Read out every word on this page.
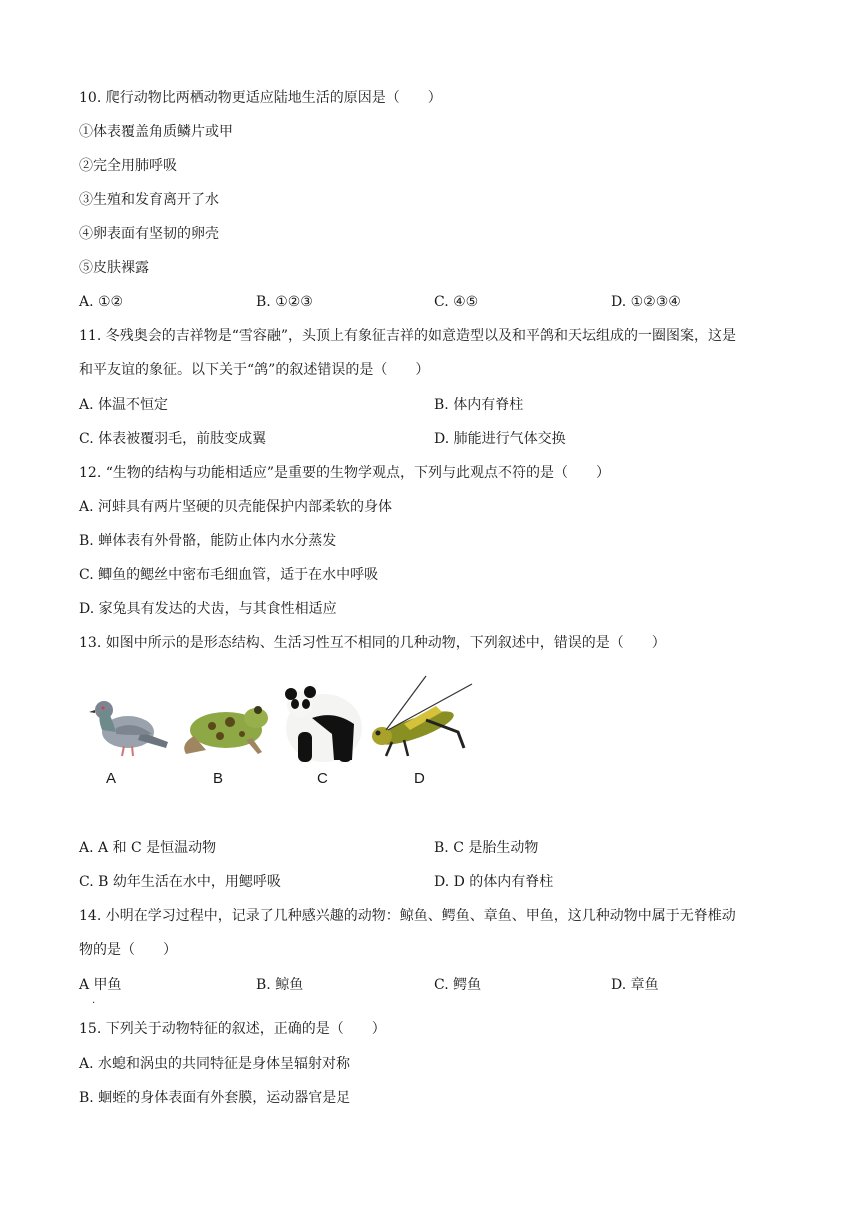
10. 爬行动物比两栖动物更适应陆地生活的原因是（　　）
①体表覆盖角质鳞片或甲
②完全用肺呼吸
③生殖和发育离开了水
④卵表面有坚韧的卵壳
⑤皮肤裸露
A. ①②	B. ①②③	C. ④⑤	D. ①②③④
11. 冬残奥会的吉祥物是“雪容融”，头顶上有象征吉祥的如意造型以及和平鸽和天坛组成的一圈图案，这是
和平友谊的象征。以下关于“鸽”的叙述错误的是（　　）
A. 体温不恒定	B. 体内有脊柱
C. 体表被覆羽毛，前肢变成翼	D. 肺能进行气体交换
12. “生物的结构与功能相适应”是重要的生物学观点，下列与此观点不符的是（　　）
A. 河蚌具有两片坚硬的贝壳能保护内部柔软的身体
B. 蝉体表有外骨骼，能防止体内水分蒸发
C. 鲫鱼的鳃丝中密布毛细血管，适于在水中呼吸
D. 家兔具有发达的犬齿，与其食性相适应
13. 如图中所示的是形态结构、生活习性互不相同的几种动物，下列叙述中，错误的是（　　）
A	B	C	D
A. A 和 C 是恒温动物	B. C 是胎生动物
C. B 幼年生活在水中，用鳃呼吸	D. D 的体内有脊柱
14. 小明在学习过程中，记录了几种感兴趣的动物：鲸鱼、鳄鱼、章鱼、甲鱼，这几种动物中属于无脊椎动
物的是（　　）
A 甲鱼
.
B. 鲸鱼	C. 鳄鱼	D. 章鱼
15. 下列关于动物特征的叙述，正确的是（　　）
A. 水螅和涡虫的共同特征是身体呈辐射对称
B. 蛔蛭的身体表面有外套膜，运动器官是足
